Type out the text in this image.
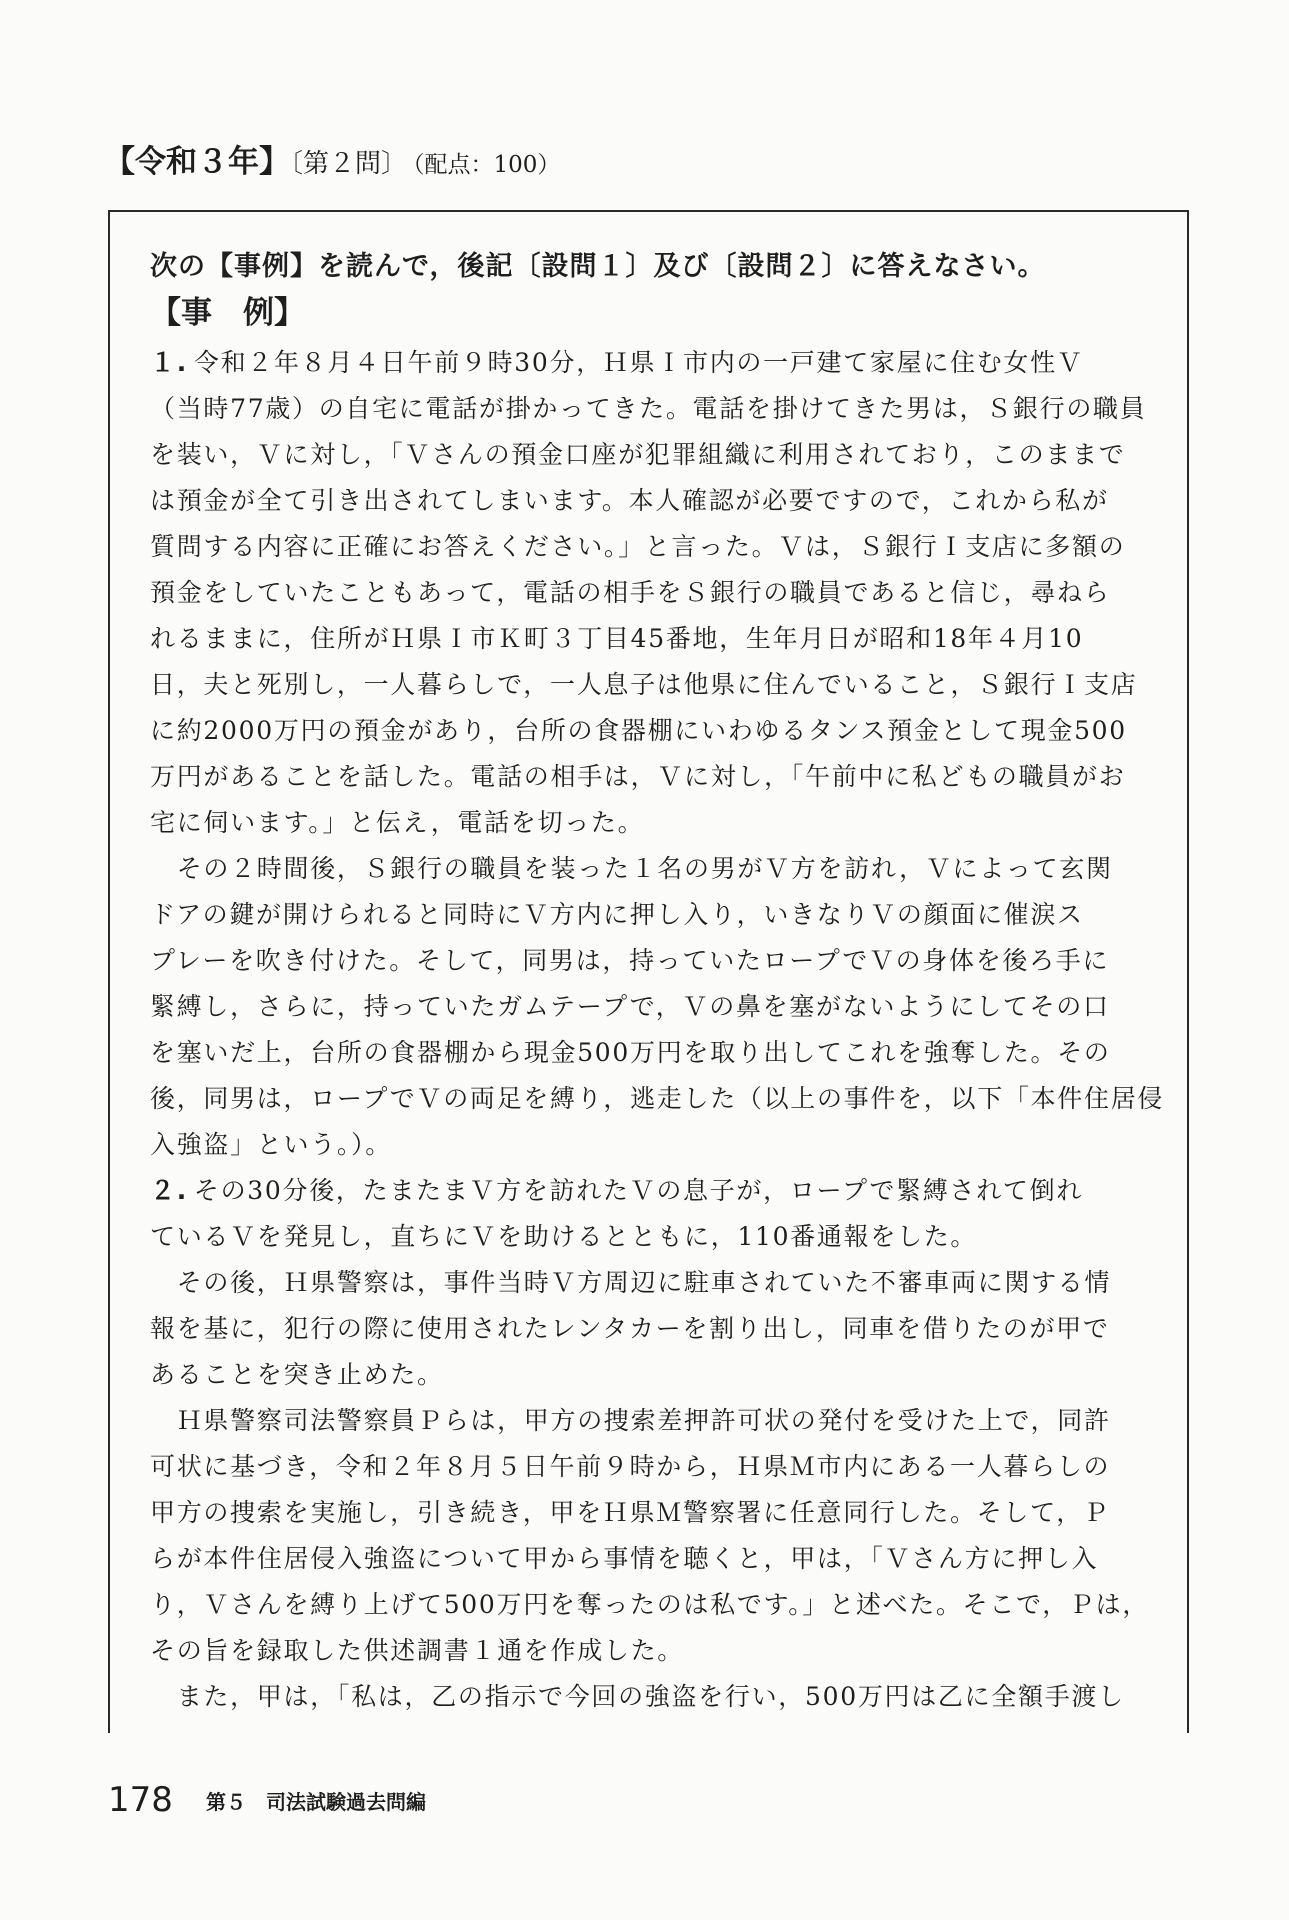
【令和３年】〔第２問〕 （配点：100）
次の【事例】を読んで，後記〔設問１〕及び〔設問２〕に答えなさい。
【事　例】
１. 令和２年８月４日午前９時30分，Ｈ県Ｉ市内の一戸建て家屋に住む女性Ｖ
（当時77歳）の自宅に電話が掛かってきた。電話を掛けてきた男は，Ｓ銀行の職員
を装い，Ｖに対し，「Ｖさんの預金口座が犯罪組織に利用されており，このままで
は預金が全て引き出されてしまいます。本人確認が必要ですので，これから私が
質問する内容に正確にお答えください。」と言った。Ｖは，Ｓ銀行Ｉ支店に多額の
預金をしていたこともあって，電話の相手をＳ銀行の職員であると信じ，尋ねら
れるままに，住所がＨ県Ｉ市Ｋ町３丁目45番地，生年月日が昭和18年４月10
日，夫と死別し，一人暮らしで，一人息子は他県に住んでいること，Ｓ銀行Ｉ支店
に約2000万円の預金があり，台所の食器棚にいわゆるタンス預金として現金500
万円があることを話した。電話の相手は，Ｖに対し，「午前中に私どもの職員がお
宅に伺います。」と伝え，電話を切った。
　その２時間後，Ｓ銀行の職員を装った１名の男がＶ方を訪れ，Ｖによって玄関
ドアの鍵が開けられると同時にＶ方内に押し入り，いきなりＶの顔面に催涙ス
プレーを吹き付けた。そして，同男は，持っていたロープでＶの身体を後ろ手に
緊縛し，さらに，持っていたガムテープで，Ｖの鼻を塞がないようにしてその口
を塞いだ上，台所の食器棚から現金500万円を取り出してこれを強奪した。その
後，同男は，ロープでＶの両足を縛り，逃走した（以上の事件を，以下「本件住居侵
入強盗」という。）。
２. その30分後，たまたまＶ方を訪れたＶの息子が，ロープで緊縛されて倒れ
ているＶを発見し，直ちにＶを助けるとともに，110番通報をした。
　その後，Ｈ県警察は，事件当時Ｖ方周辺に駐車されていた不審車両に関する情
報を基に，犯行の際に使用されたレンタカーを割り出し，同車を借りたのが甲で
あることを突き止めた。
　Ｈ県警察司法警察員Ｐらは，甲方の捜索差押許可状の発付を受けた上で，同許
可状に基づき，令和２年８月５日午前９時から，Ｈ県Ｍ市内にある一人暮らしの
甲方の捜索を実施し，引き続き，甲をＨ県Ｍ警察署に任意同行した。そして，Ｐ
らが本件住居侵入強盗について甲から事情を聴くと，甲は，「Ｖさん方に押し入
り，Ｖさんを縛り上げて500万円を奪ったのは私です。」と述べた。そこで，Ｐは，
その旨を録取した供述調書１通を作成した。
　また，甲は，「私は，乙の指示で今回の強盗を行い，500万円は乙に全額手渡し
178 第５　司法試験過去問編
